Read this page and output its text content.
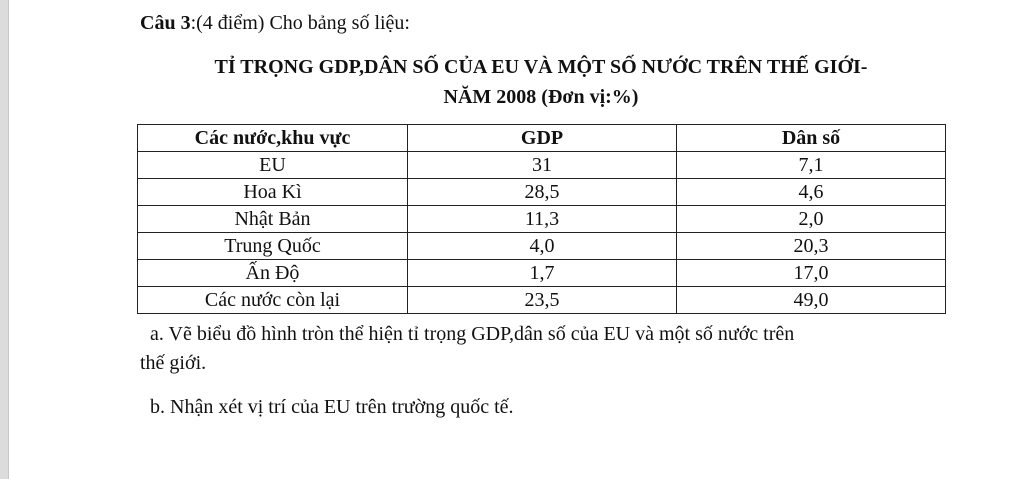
Câu 3:(4 điểm) Cho bảng số liệu:
TỈ TRỌNG GDP,DÂN SỐ CỦA EU VÀ MỘT SỐ NƯỚC TRÊN THẾ GIỚI-
NĂM 2008 (Đơn vị:%)
Các nước,khu vực	GDP	Dân số
EU	31	7,1
Hoa Kì	28,5	4,6
Nhật Bản	11,3	2,0
Trung Quốc	4,0	20,3
Ấn Độ	1,7	17,0
Các nước còn lại	23,5	49,0
a. Vẽ biểu đồ hình tròn thể hiện tỉ trọng GDP,dân số của EU và một số nước trên
thế giới.
b. Nhận xét vị trí của EU trên trường quốc tế.
